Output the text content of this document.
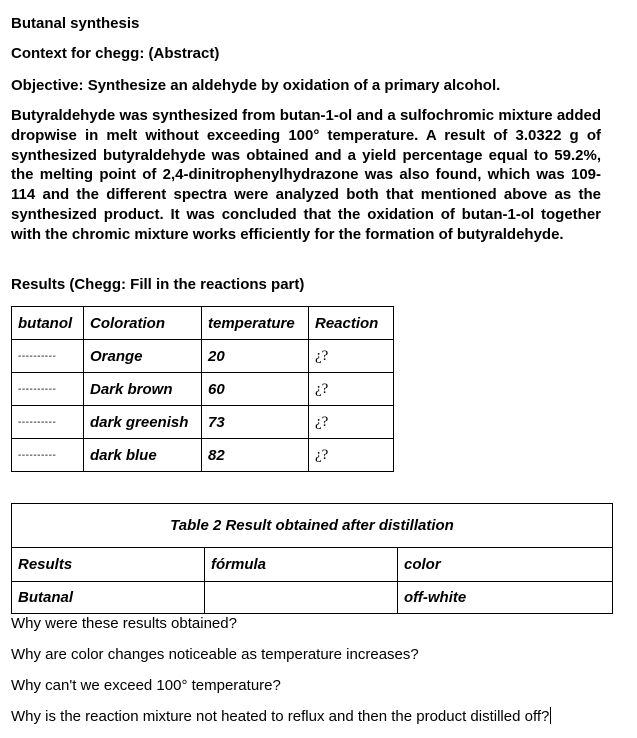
Butanal synthesis
Context for chegg: (Abstract)
Objective: Synthesize an aldehyde by oxidation of a primary alcohol.
Butyraldehyde was synthesized from butan-1-ol and a sulfochromic mixture added dropwise in melt without exceeding 100° temperature. A result of 3.0322 g of synthesized butyraldehyde was obtained and a yield percentage equal to 59.2%, the melting point of 2,4-dinitrophenylhydrazone was also found, which was 109-114 and the different spectra were analyzed both that mentioned above as the synthesized product. It was concluded that the oxidation of butan-1-ol together with the chromic mixture works efficiently for the formation of butyraldehyde.
Results (Chegg: Fill in the reactions part)
butanol	Coloration	temperature	Reaction
----------	Orange	20	¿?
----------	Dark brown	60	¿?
----------	dark greenish	73	¿?
----------	dark blue	82	¿?
Table 2 Result obtained after distillation		
Results	fórmula	color
Butanal		off-white
Why were these results obtained?
Why are color changes noticeable as temperature increases?
Why can't we exceed 100° temperature?
Why is the reaction mixture not heated to reflux and then the product distilled off?
